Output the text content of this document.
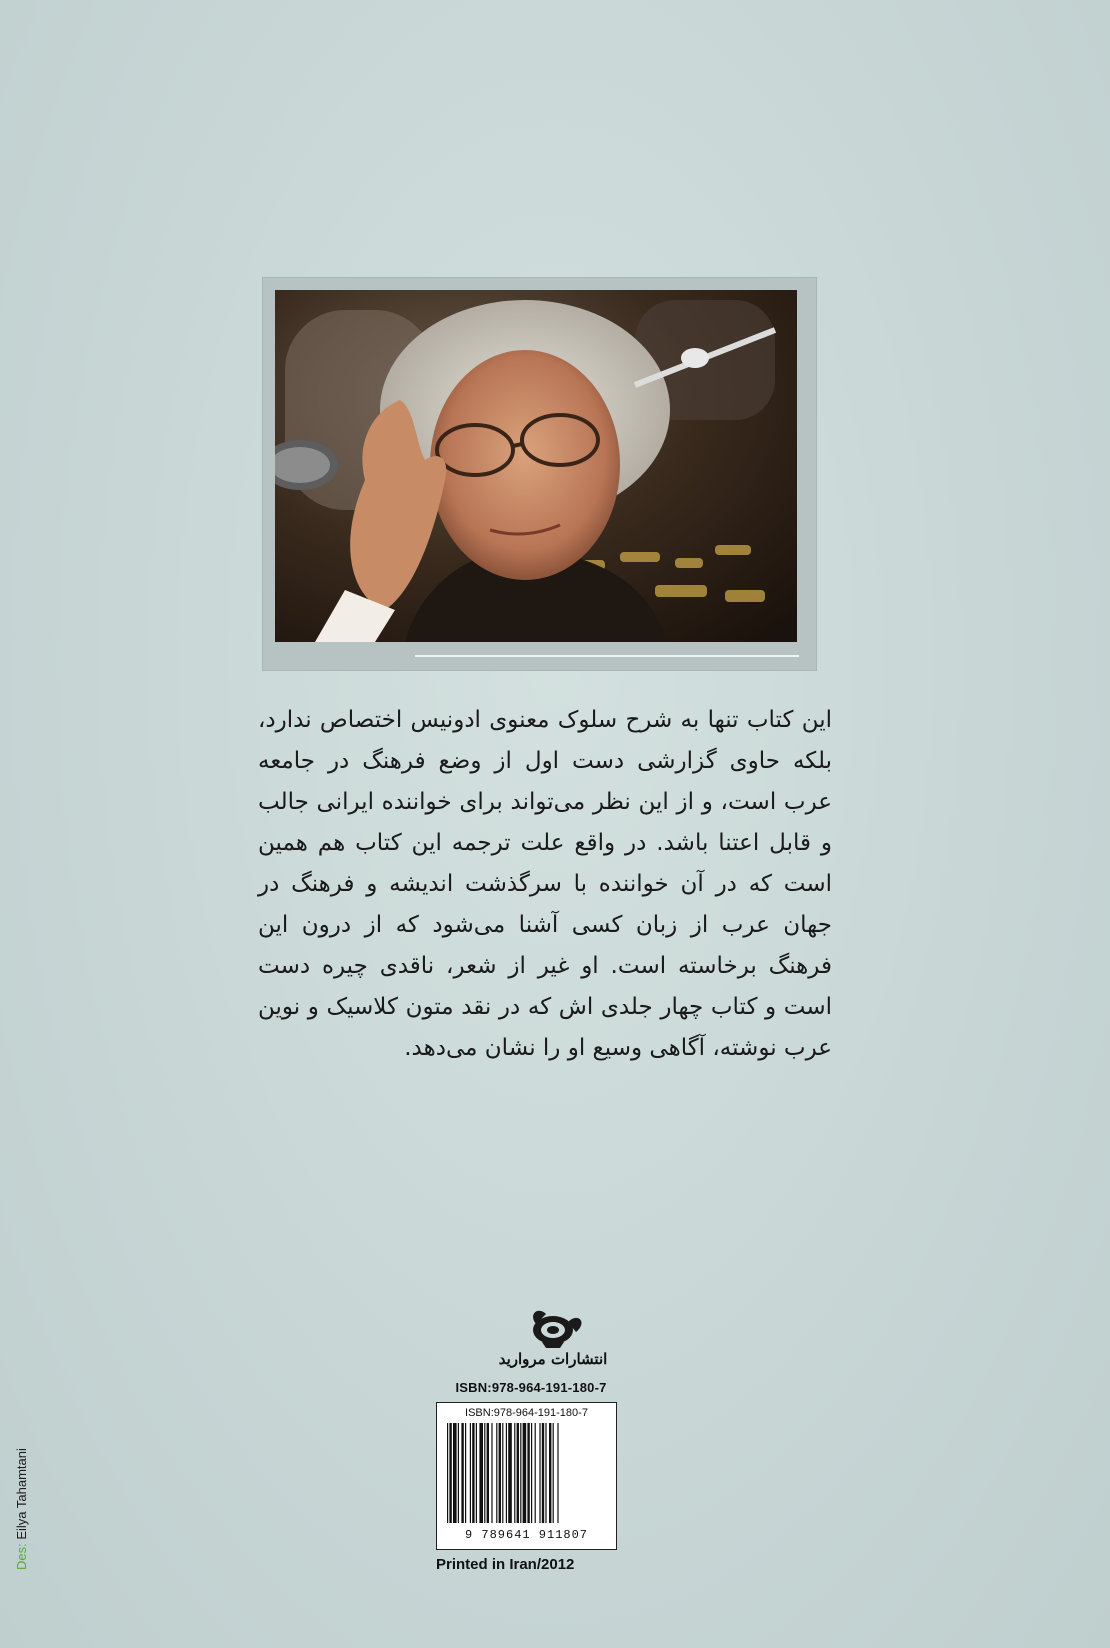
این کتاب تنها به شرح سلوک معنوی ادونیس اختصاص ندارد، بلکه حاوی گزارشی دست اول از وضع فرهنگ در جامعه عرب است، و از این نظر می‌تواند برای خواننده ایرانی جالب و قابل اعتنا باشد. در واقع علت ترجمه این کتاب هم همین است که در آن خواننده با سرگذشت اندیشه و فرهنگ در جهان عرب از زبان کسی آشنا می‌شود که از درون این فرهنگ برخاسته است. او غیر از شعر، ناقدی چیره دست است و کتاب چهار جلدی اش که در نقد متون کلاسیک و نوین عرب نوشته، آگاهی وسیع او را نشان می‌دهد.

انتشارات مروارید
ISBN:978-964-191-180-7
ISBN:978-964-191-180-7
9 789641 911807
Printed in Iran/2012
Des: Eilya Tahamtani
